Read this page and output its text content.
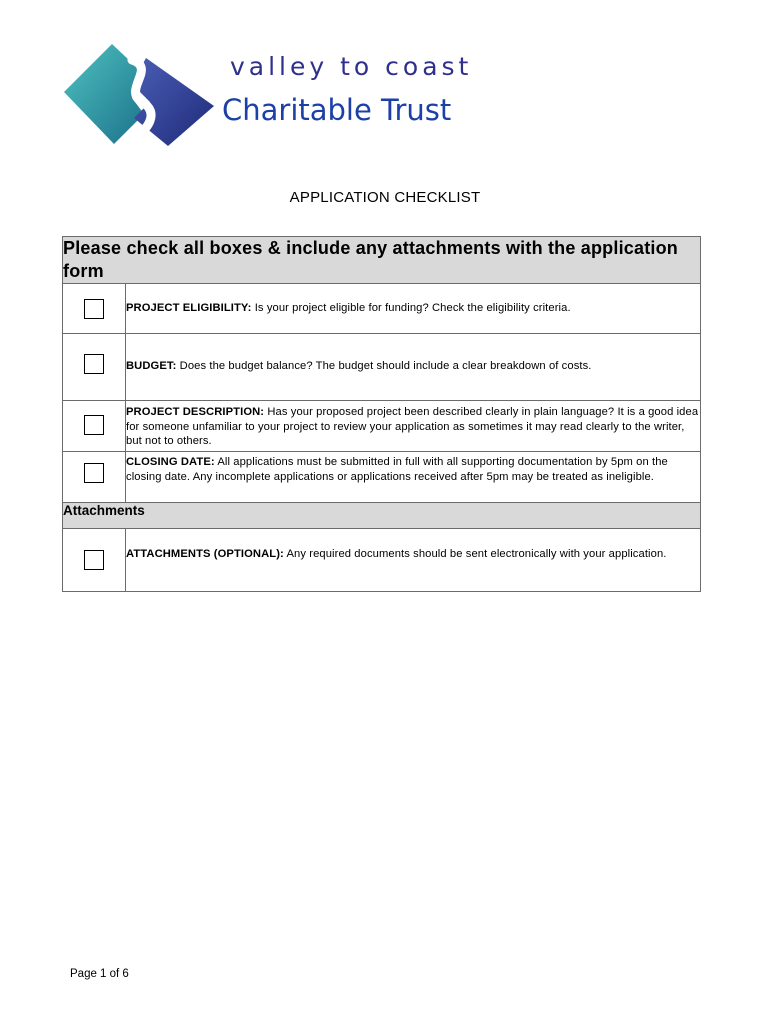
valley to coast
Charitable Trust
APPLICATION CHECKLIST
Please check all boxes & include any attachments with the application form	
	PROJECT ELIGIBILITY: Is your project eligible for funding? Check the eligibility criteria.
	BUDGET: Does the budget balance? The budget should include a clear breakdown of costs.
	PROJECT DESCRIPTION: Has your proposed project been described clearly in plain language? It is a good idea for someone unfamiliar to your project to review your application as sometimes it may read clearly to the writer, but not to others.
	CLOSING DATE: All applications must be submitted in full with all supporting documentation by 5pm on the closing date. Any incomplete applications or applications received after 5pm may be treated as ineligible.
Attachments	
	ATTACHMENTS (OPTIONAL): Any required documents should be sent electronically with your application.
Page 1 of 6
